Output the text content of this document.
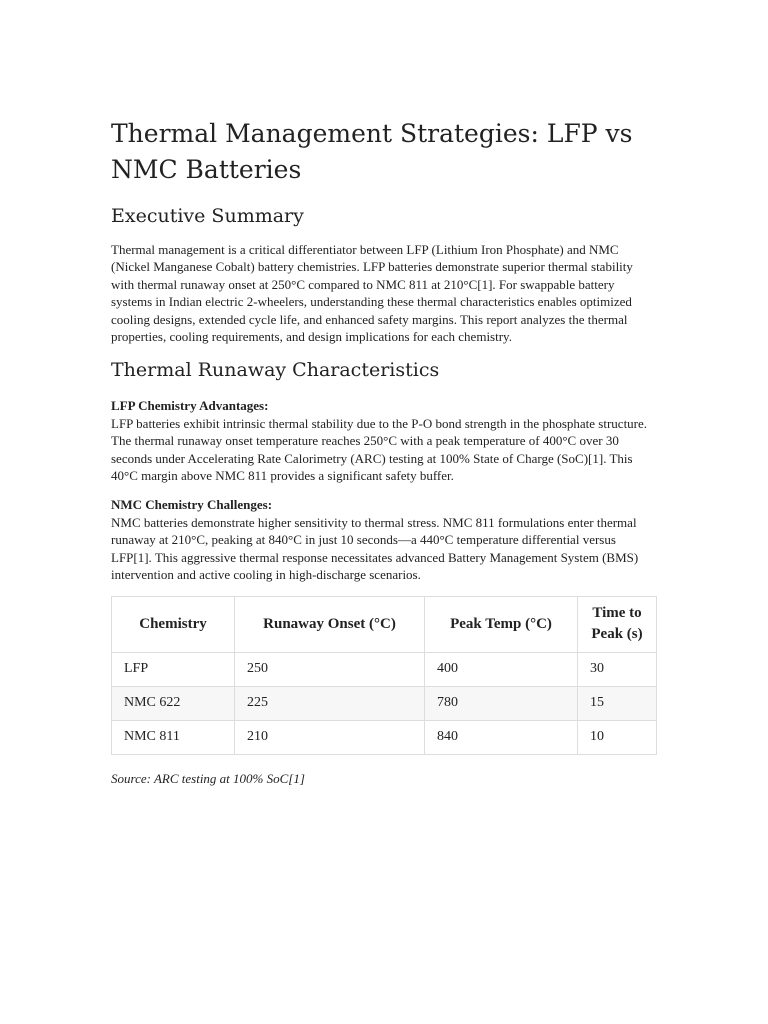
Thermal Management Strategies: LFP vs NMC Batteries
Executive Summary

Thermal management is a critical differentiator between LFP (Lithium Iron Phosphate) and NMC (Nickel Manganese Cobalt) battery chemistries. LFP batteries demonstrate superior thermal stability with thermal runaway onset at 250°C compared to NMC 811 at 210°C[1]. For swappable battery systems in Indian electric 2-wheelers, understanding these thermal characteristics enables optimized cooling designs, extended cycle life, and enhanced safety margins. This report analyzes the thermal properties, cooling requirements, and design implications for each chemistry.

Thermal Runaway Characteristics
LFP Chemistry Advantages:

LFP batteries exhibit intrinsic thermal stability due to the P-O bond strength in the phosphate structure. The thermal runaway onset temperature reaches 250°C with a peak temperature of 400°C over 30 seconds under Accelerating Rate Calorimetry (ARC) testing at 100% State of Charge (SoC)[1]. This 40°C margin above NMC 811 provides a significant safety buffer.

NMC Chemistry Challenges:

NMC batteries demonstrate higher sensitivity to thermal stress. NMC 811 formulations enter thermal runaway at 210°C, peaking at 840°C in just 10 seconds—a 440°C temperature differential versus LFP[1]. This aggressive thermal response necessitates advanced Battery Management System (BMS) intervention and active cooling in high-discharge scenarios.

Chemistry	Runaway Onset (°C)	Peak Temp (°C)	Time to Peak (s)
LFP	250	400	30
NMC 622	225	780	15
NMC 811	210	840	10
Source: ARC testing at 100% SoC[1]
